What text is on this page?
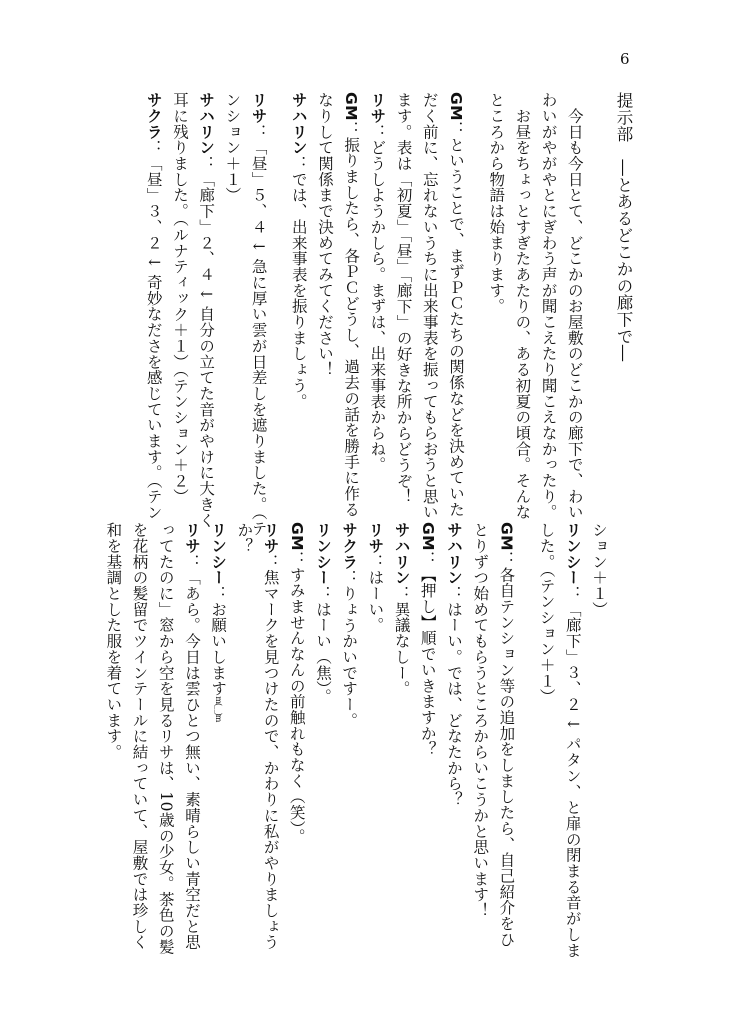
6
提示部　―とあるどこかの廊下で―
　今日も今日とて、どこかのお屋敷のどこかの廊下で、わい
わいがやがやとにぎわう声が聞こえたり聞こえなかったり。
　お昼をちょっとすぎたあたりの、ある初夏の頃合。そんな
ところから物語は始まります。
GM：ということで、まずＰＣたちの関係などを決めていた
だく前に、忘れないうちに出来事表を振ってもらおうと思い
ます。表は「初夏」「昼」「廊下」の好きな所からどうぞ！
リサ：どうしようかしら。まずは、出来事表からね。
GM：振りましたら、各ＰＣどうし、過去の話を勝手に作る
なりして関係まで決めてみてください！
サハリン：では、出来事表を振りましょう。
リサ：「昼」５、４ ↓ 急に厚い雲が日差しを遮りました。（テ
ンション＋１）
サハリン：「廊下」２、４ ↓ 自分の立てた音がやけに大きく
耳に残りました。（ルナティック＋１）（テンション＋２）
サクラ：「昼」３、２ ↓ 奇妙なださを感じています。（テン
ション＋１）
リンシー：「廊下」３、２ ↓ パタン、と扉の閉まる音がしま
した。（テンション＋１）
GM：各自テンション等の追加をしましたら、自己紹介をひ
とりずつ始めてもらうところからいこうかと思います！
サハリン：はーい。では、どなたから？
GM：【押し】順でいきますか？
サハリン：異議なしー。
リサ：はーい。
サクラ：りょうかいですー。
リンシー：はーい（焦）。
GM：すみませんなんの前触れもなく（笑）。
リサ：焦マークを見つけたので、かわりに私がやりましょう
か？
リンシー：お願いしますm(_ _)m
リサ：「あら。今日は雲ひとつ無い、素晴らしい青空だと思
ってたのに」窓から空を見るリサは、10歳の少女。茶色の髪
を花柄の髪留でツインテールに結っていて、屋敷では珍しく
和を基調とした服を着ています。
